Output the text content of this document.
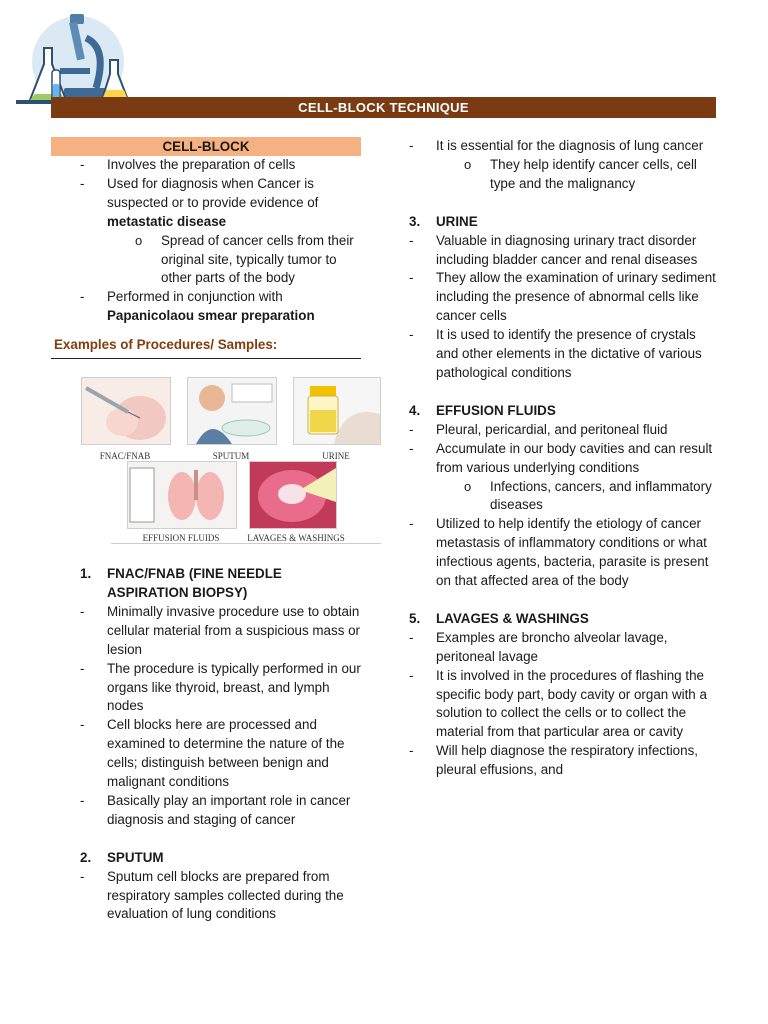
CELL-BLOCK TECHNIQUE
CELL-BLOCK
- Involves the preparation of cells
- Used for diagnosis when Cancer is suspected or to provide evidence of metastatic disease
o Spread of cancer cells from their original site, typically tumor to other parts of the body
- Performed in conjunction with Papanicolaou smear preparation
Examples of Procedures/ Samples:
FNAC/FNAB	SPUTUM	URINE
EFFUSION FLUIDS	LAVAGES & WASHINGS
1. FNAC/FNAB (FINE NEEDLE ASPIRATION BIOPSY)
- Minimally invasive procedure use to obtain cellular material from a suspicious mass or lesion
- The procedure is typically performed in our organs like thyroid, breast, and lymph nodes
- Cell blocks here are processed and examined to determine the nature of the cells; distinguish between benign and malignant conditions
- Basically play an important role in cancer diagnosis and staging of cancer
2. SPUTUM
- Sputum cell blocks are prepared from respiratory samples collected during the evaluation of lung conditions
- It is essential for the diagnosis of lung cancer
o They help identify cancer cells, cell type and the malignancy
3. URINE
- Valuable in diagnosing urinary tract disorder including bladder cancer and renal diseases
- They allow the examination of urinary sediment including the presence of abnormal cells like cancer cells
- It is used to identify the presence of crystals and other elements in the dictative of various pathological conditions
4. EFFUSION FLUIDS
- Pleural, pericardial, and peritoneal fluid
- Accumulate in our body cavities and can result from various underlying conditions
o Infections, cancers, and inflammatory diseases
- Utilized to help identify the etiology of cancer metastasis of inflammatory conditions or what infectious agents, bacteria, parasite is present on that affected area of the body
5. LAVAGES & WASHINGS
- Examples are broncho alveolar lavage, peritoneal lavage
- It is involved in the procedures of flashing the specific body part, body cavity or organ with a solution to collect the cells or to collect the material from that particular area or cavity
- Will help diagnose the respiratory infections, pleural effusions, and
